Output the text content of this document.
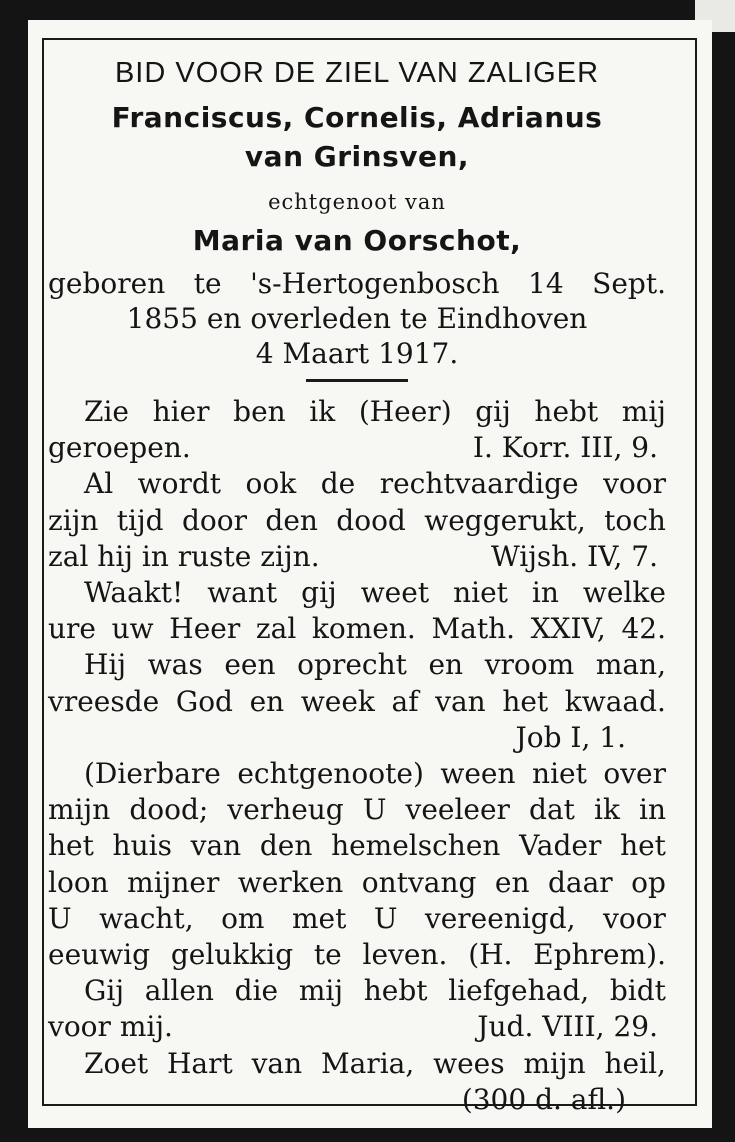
BID VOOR DE ZIEL VAN ZALIGER
Franciscus, Cornelis, Adrianus
van Grinsven,
echtgenoot van
Maria van Oorschot,
geboren te 's-Hertogenbosch 14 Sept.
1855 en overleden te Eindhoven
4 Maart 1917.
Zie hier ben ik (Heer) gij hebt mij
geroepen.	I. Korr. III, 9.
Al wordt ook de rechtvaardige voor
zijn tijd door den dood weggerukt, toch
zal hij in ruste zijn.	Wijsh. IV, 7.
Waakt! want gij weet niet in welke
ure uw Heer zal komen. Math. XXIV, 42.
Hij was een oprecht en vroom man,
vreesde God en week af van het kwaad.
Job I, 1.
(Dierbare echtgenoote) ween niet over
mijn dood; verheug U veeleer dat ik in
het huis van den hemelschen Vader het
loon mijner werken ontvang en daar op
U wacht, om met U vereenigd, voor
eeuwig gelukkig te leven. (H. Ephrem).
Gij allen die mij hebt liefgehad, bidt
voor mij.	Jud. VIII, 29.
Zoet Hart van Maria, wees mijn heil,
(300 d. afl.)
